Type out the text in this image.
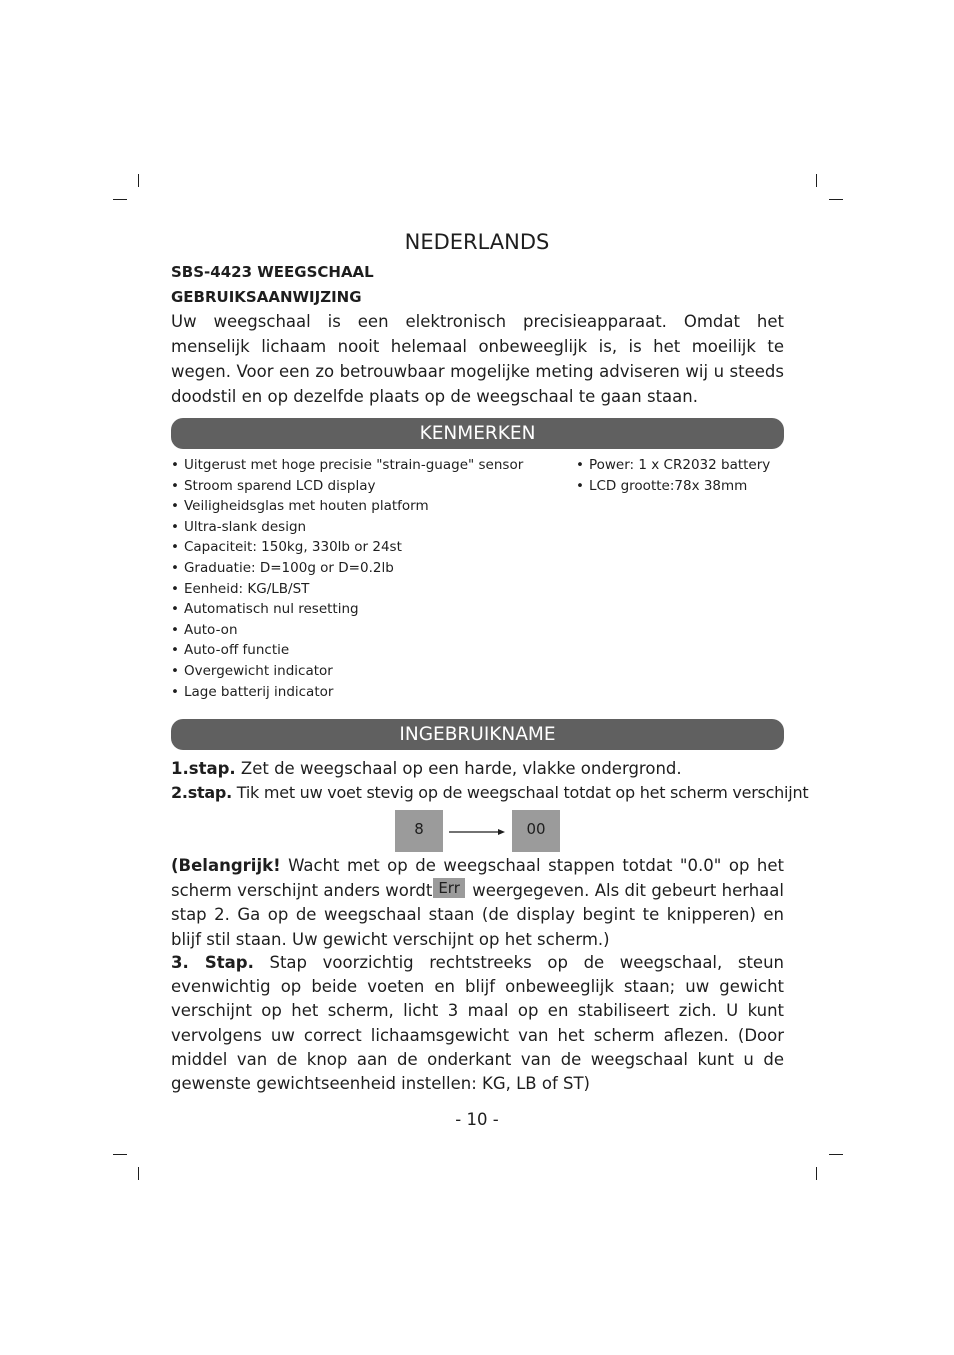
NEDERLANDS
SBS-4423 WEEGSCHAAL
GEBRUIKSAANWIJZING
Uw weegschaal is een elektronisch precisieapparaat. Omdat het menselijk lichaam nooit helemaal onbeweeglijk is, is het moeilijk te wegen. Voor een zo betrouwbaar mogelijke meting adviseren wij u steeds doodstil en op dezelfde plaats op de weegschaal te gaan staan.
KENMERKEN
• Uitgerust met hoge precisie "strain-guage" sensor
• Stroom sparend LCD display
• Veiligheidsglas met houten platform
• Ultra-slank design
• Capaciteit: 150kg, 330lb or 24st
• Graduatie: D=100g or D=0.2lb
• Eenheid: KG/LB/ST
• Automatisch nul resetting
• Auto-on
• Auto-off functie
• Overgewicht indicator
• Lage batterij indicator
• Power: 1 x CR2032 battery
• LCD grootte:78x 38mm
INGEBRUIKNAME
1.stap. Zet de weegschaal op een harde, vlakke ondergrond.
2.stap. Tik met uw voet stevig op de weegschaal totdat op het scherm verschijnt
8	00
(Belangrijk! Wacht met op de weegschaal stappen totdat "0.0" op het scherm verschijnt anders wordt Err weergegeven. Als dit gebeurt herhaal stap 2. Ga op de weegschaal staan (de display begint te knipperen) en blijf stil staan. Uw gewicht verschijnt op het scherm.)
3. Stap. Stap voorzichtig rechtstreeks op de weegschaal, steun evenwichtig op beide voeten en blijf onbeweeglijk staan; uw gewicht verschijnt op het scherm, licht 3 maal op en stabiliseert zich. U kunt vervolgens uw correct lichaamsgewicht van het scherm aflezen. (Door middel van de knop aan de onderkant van de weegschaal kunt u de gewenste gewichtseenheid instellen: KG, LB of ST)
- 10 -
